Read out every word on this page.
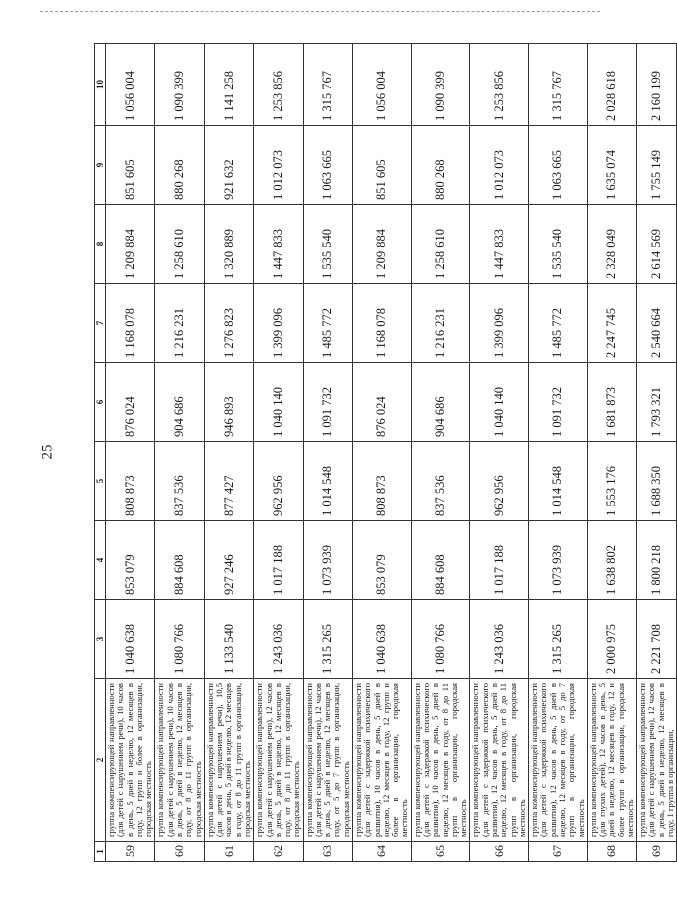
25
1	2	3	4	5	6	7	8	9	10
59	группа компенсирующей направленности (для детей с нарушением речи), 10 часов в день, 5 дней в неделю, 12 месяцев в году, 12 групп и более в организации, городская местность	1 040 638	853 079	808 873	876 024	1 168 078	1 209 884	851 605	1 056 004
60	группа компенсирующей направленности (для детей с нарушением речи), 10 часов в день, 5 дней в неделю, 12 месяцев в году, от 8 до 11 групп в организации, городская местность	1 080 766	884 608	837 536	904 686	1 216 231	1 258 610	880 268	1 090 399
61	группа компенсирующей направленности (для детей с нарушением речи), 10,5 часов в день, 5 дней в неделю, 12 месяцев в году, от 8 до 11 групп в организации, городская местность	1 133 540	927 246	877 427	946 893	1 276 823	1 320 889	921 632	1 141 258
62	группа компенсирующей направленности (для детей с нарушением речи), 12 часов в день, 5 дней в неделю, 12 месяцев в году, от 8 до 11 групп в организации, городская местность	1 243 036	1 017 188	962 956	1 040 140	1 399 096	1 447 833	1 012 073	1 253 856
63	группа компенсирующей направленности (для детей с нарушением речи), 12 часов в день, 5 дней в неделю, 12 месяцев в году, от 5 до 7 групп в организации, городская местность	1 315 265	1 073 939	1 014 548	1 091 732	1 485 772	1 535 540	1 063 665	1 315 767
64	группа компенсирующей направленности (для детей с задержкой психического развития), 10 часов в день, 5 дней в неделю, 12 месяцев в году, 12 групп и более в организации, городская местность	1 040 638	853 079	808 873	876 024	1 168 078	1 209 884	851 605	1 056 004
65	группа компенсирующей направленности (для детей с задержкой психического развития), 10 часов в день, 5 дней в неделю, 12 месяцев в году, от 8 до 11 групп в организации, городская местность	1 080 766	884 608	837 536	904 686	1 216 231	1 258 610	880 268	1 090 399
66	группа компенсирующей направленности (для детей с задержкой психического развития), 12 часов в день, 5 дней в неделю, 12 месяцев в году, от 8 до 11 групп в организации, городская местность	1 243 036	1 017 188	962 956	1 040 140	1 399 096	1 447 833	1 012 073	1 253 856
67	группа компенсирующей направленности (для детей с задержкой психического развития), 12 часов в день, 5 дней в неделю, 12 месяцев в году, от 5 до 7 групп в организации, городская местность	1 315 265	1 073 939	1 014 548	1 091 732	1 485 772	1 535 540	1 063 665	1 315 767
68	группа компенсирующей направленности (для глухих детей), 12 часов в день, 5 дней в неделю, 12 месяцев в году, 12 и более групп в организации, городская местность	2 000 975	1 638 802	1 553 176	1 681 873	2 247 745	2 328 049	1 635 074	2 028 618
69	группа компенсирующей направленности (для детей с нарушением речи), 12 часов в день, 5 дней в неделю, 12 месяцев в году, 1 группа в организации,	2 221 708	1 800 218	1 688 350	1 793 321	2 540 664	2 614 569	1 755 149	2 160 199
